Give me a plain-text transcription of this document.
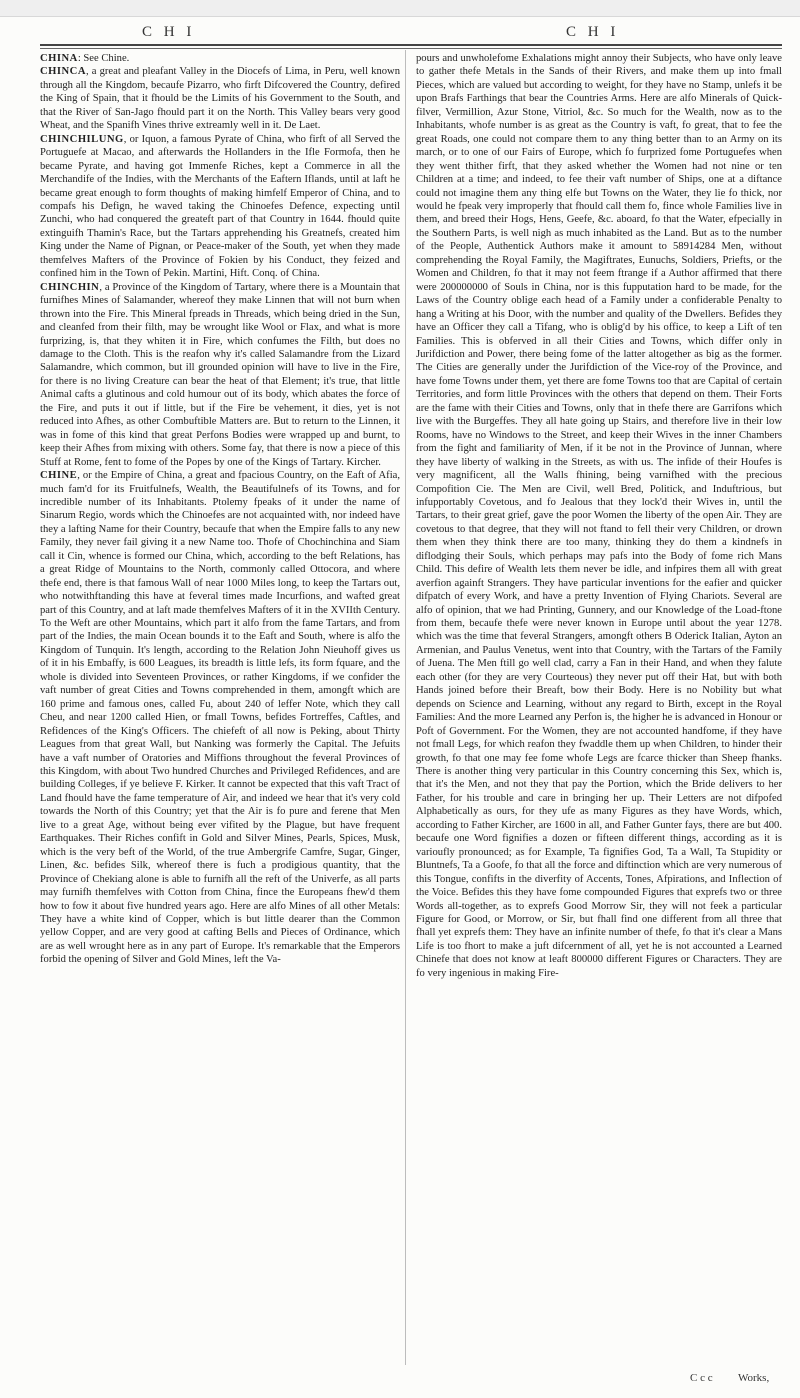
C H I	C H I

CHINA: See Chine.

CHINCA, a great and pleafant Valley in the Diocefs of Lima, in Peru, well known through all the Kingdom, becaufe Pizarro, who firft Difcovered the Country, defired the King of Spain, that it fhould be the Limits of his Government to the South, and that the River of San-Jago fhould part it on the North. This Valley bears very good Wheat, and the Spanifh Vines thrive extreamly well in it. De Laet.

CHINCHILUNG, or Iquon, a famous Pyrate of China, who firft of all Served the Portuguefe at Macao, and afterwards the Hollanders in the Ifle Formofa, then he became Pyrate, and having got Immenfe Riches, kept a Commerce in all the Merchandife of the Indies, with the Merchants of the Eaftern Iflands, until at laft he became great enough to form thoughts of making himfelf Emperor of China, and to compafs his Defign, he waved taking the Chinoefes Defence, expecting until Zunchi, who had conquered the greateft part of that Country in 1644. fhould quite extinguifh Thamin's Race, but the Tartars apprehending his Greatnefs, created him King under the Name of Pignan, or Peace-maker of the South, yet when they made themfelves Mafters of the Province of Fokien by his Conduct, they feized and confined him in the Town of Pekin. Martini, Hift. Conq. of China.

CHINCHIN, a Province of the Kingdom of Tartary, where there is a Mountain that furnifhes Mines of Salamander, whereof they make Linnen that will not burn when thrown into the Fire. This Mineral fpreads in Threads, which being dried in the Sun, and cleanfed from their filth, may be wrought like Wool or Flax, and what is more furprizing, is, that they whiten it in Fire, which confumes the Filth, but does no damage to the Cloth. This is the reafon why it's called Salamandre from the Lizard Salamandre, which common, but ill grounded opinion will have to live in the Fire, for there is no living Creature can bear the heat of that Element; it's true, that little Animal cafts a glutinous and cold humour out of its body, which abates the force of the Fire, and puts it out if little, but if the Fire be vehement, it dies, yet is not reduced into Afhes, as other Combuftible Matters are. But to return to the Linnen, it was in fome of this kind that great Perfons Bodies were wrapped up and burnt, to keep their Afhes from mixing with others. Some fay, that there is now a piece of this Stuff at Rome, fent to fome of the Popes by one of the Kings of Tartary. Kircher.

CHINE, or the Empire of China, a great and fpacious Country, on the Eaft of Afia, much fam'd for its Fruitfulnefs, Wealth, the Beautifulnefs of its Towns, and for incredible number of its Inhabitants. Ptolemy fpeaks of it under the name of Sinarum Regio, words which the Chinoefes are not acquainted with, nor indeed have they a lafting Name for their Country, becaufe that when the Empire falls to any new Family, they never fail giving it a new Name too. Thofe of Chochinchina and Siam call it Cin, whence is formed our China, which, according to the beft Relations, has a great Ridge of Mountains to the North, commonly called Ottocora, and where thefe end, there is that famous Wall of near 1000 Miles long, to keep the Tartars out, who notwithftanding this have at feveral times made Incurfions, and wafted great part of this Country, and at laft made themfelves Mafters of it in the XVIIth Century. To the Weft are other Mountains, which part it alfo from the fame Tartars, and from part of the Indies, the main Ocean bounds it to the Eaft and South, where is alfo the Kingdom of Tunquin. It's length, according to the Relation John Nieuhoff gives us of it in his Embaffy, is 600 Leagues, its breadth is little lefs, its form fquare, and the whole is divided into Seventeen Provinces, or rather Kingdoms, if we confider the vaft number of great Cities and Towns comprehended in them, amongft which are 160 prime and famous ones, called Fu, about 240 of leffer Note, which they call Cheu, and near 1200 called Hien, or fmall Towns, befides Fortreffes, Caftles, and Refidences of the King's Officers. The chiefeft of all now is Peking, about Thirty Leagues from that great Wall, but Nanking was formerly the Capital. The Jefuits have a vaft number of Oratories and Miffions throughout the feveral Provinces of this Kingdom, with about Two hundred Churches and Privileged Refidences, and are building Colleges, if ye believe F. Kirker. It cannot be expected that this vaft Tract of Land fhould have the fame temperature of Air, and indeed we hear that it's very cold towards the North of this Country; yet that the Air is fo pure and ferene that Men live to a great Age, without being ever vifited by the Plague, but have frequent Earthquakes. Their Riches confift in Gold and Silver Mines, Pearls, Spices, Musk, which is the very beft of the World, of the true Ambergrife Camfre, Sugar, Ginger, Linen, &c. befides Silk, whereof there is fuch a prodigious quantity, that the Province of Chekiang alone is able to furnifh all the reft of the Univerfe, as all parts may furnifh themfelves with Cotton from China, fince the Europeans fhew'd them how to fow it about five hundred years ago. Here are alfo Mines of all other Metals: They have a white kind of Copper, which is but little dearer than the Common yellow Copper, and are very good at cafting Bells and Pieces of Ordinance, which are as well wrought here as in any part of Europe. It's remarkable that the Emperors forbid the opening of Silver and Gold Mines, left the Va-

pours and unwholefome Exhalations might annoy their Subjects, who have only leave to gather thefe Metals in the Sands of their Rivers, and make them up into fmall Pieces, which are valued but according to weight, for they have no Stamp, unlefs it be upon Brafs Farthings that bear the Countries Arms. Here are alfo Minerals of Quick-filver, Vermillion, Azur Stone, Vitriol, &c. So much for the Wealth, now as to the Inhabitants, whofe number is as great as the Country is vaft, fo great, that to fee the great Roads, one could not compare them to any thing better than to an Army on its march, or to one of our Fairs of Europe, which fo furprized fome Portuguefes when they went thither firft, that they asked whether the Women had not nine or ten Children at a time; and indeed, to fee their vaft number of Ships, one at a diftance could not imagine them any thing elfe but Towns on the Water, they lie fo thick, nor would he fpeak very improperly that fhould call them fo, fince whole Families live in them, and breed their Hogs, Hens, Geefe, &c. aboard, fo that the Water, efpecially in the Southern Parts, is well nigh as much inhabited as the Land. But as to the number of the People, Authentick Authors make it amount to 58914284 Men, without comprehending the Royal Family, the Magiftrates, Eunuchs, Soldiers, Priefts, or the Women and Children, fo that it may not feem ftrange if a Author affirmed that there were 200000000 of Souls in China, nor is this fupputation hard to be made, for the Laws of the Country oblige each head of a Family under a confiderable Penalty to hang a Writing at his Door, with the number and quality of the Dwellers. Befides they have an Officer they call a Tifang, who is oblig'd by his office, to keep a Lift of ten Families. This is obferved in all their Cities and Towns, which differ only in Jurifdiction and Power, there being fome of the latter altogether as big as the former. The Cities are generally under the Jurifdiction of the Vice-roy of the Province, and have fome Towns under them, yet there are fome Towns too that are Capital of certain Territories, and form little Provinces with the others that depend on them. Their Forts are the fame with their Cities and Towns, only that in thefe there are Garrifons which live with the Burgeffes. They all hate going up Stairs, and therefore live in their low Rooms, have no Windows to the Street, and keep their Wives in the inner Chambers from the fight and familiarity of Men, if it be not in the Province of Junnan, where they have liberty of walking in the Streets, as with us. The infide of their Houfes is very magnificent, all the Walls fhining, being varnifhed with the precious Compofition Cie. The Men are Civil, well Bred, Politick, and Induftrious, but infupportably Covetous, and fo Jealous that they lock'd their Wives in, until the Tartars, to their great grief, gave the poor Women the liberty of the open Air. They are covetous to that degree, that they will not ftand to fell their very Children, or drown them when they think there are too many, thinking they do them a kindnefs in diflodging their Souls, which perhaps may pafs into the Body of fome rich Mans Child. This defire of Wealth lets them never be idle, and infpires them all with great averfion againft Strangers. They have particular inventions for the eafier and quicker difpatch of every Work, and have a pretty Invention of Flying Chariots. Several are alfo of opinion, that we had Printing, Gunnery, and our Knowledge of the Load-ftone from them, becaufe thefe were never known in Europe until about the year 1278. which was the time that feveral Strangers, amongft others B Oderick Italian, Ayton an Armenian, and Paulus Venetus, went into that Country, with the Tartars of the Family of Juena. The Men ftill go well clad, carry a Fan in their Hand, and when they falute each other (for they are very Courteous) they never put off their Hat, but with both Hands joined before their Breaft, bow their Body. Here is no Nobility but what depends on Science and Learning, without any regard to Birth, except in the Royal Families: And the more Learned any Perfon is, the higher he is advanced in Honour or Poft of Government. For the Women, they are not accounted handfome, if they have not fmall Legs, for which reafon they fwaddle them up when Children, to hinder their growth, fo that one may fee fome whofe Legs are fcarce thicker than Sheep fhanks. There is another thing very particular in this Country concerning this Sex, which is, that it's the Men, and not they that pay the Portion, which the Bride delivers to her Father, for his trouble and care in bringing her up. Their Letters are not difpofed Alphabetically as ours, for they ufe as many Figures as they have Words, which, according to Father Kircher, are 1600 in all, and Father Gunter fays, there are but 400. becaufe one Word fignifies a dozen or fifteen different things, according as it is varioufly pronounced; as for Example, Ta fignifies God, Ta a Wall, Ta Stupidity or Bluntnefs, Ta a Goofe, fo that all the force and diftinction which are very numerous of this Tongue, confifts in the diverfity of Accents, Tones, Afpirations, and Inflection of the Voice. Befides this they have fome compounded Figures that exprefs two or three Words all-together, as to exprefs Good Morrow Sir, they will not feek a particular Figure for Good, or Morrow, or Sir, but fhall find one different from all three that fhall yet exprefs them: They have an infinite number of thefe, fo that it's clear a Mans Life is too fhort to make a juft difcernment of all, yet he is not accounted a Learned Chinefe that does not know at leaft 800000 different Figures or Characters. They are fo very ingenious in making Fire-

C c c Works,
